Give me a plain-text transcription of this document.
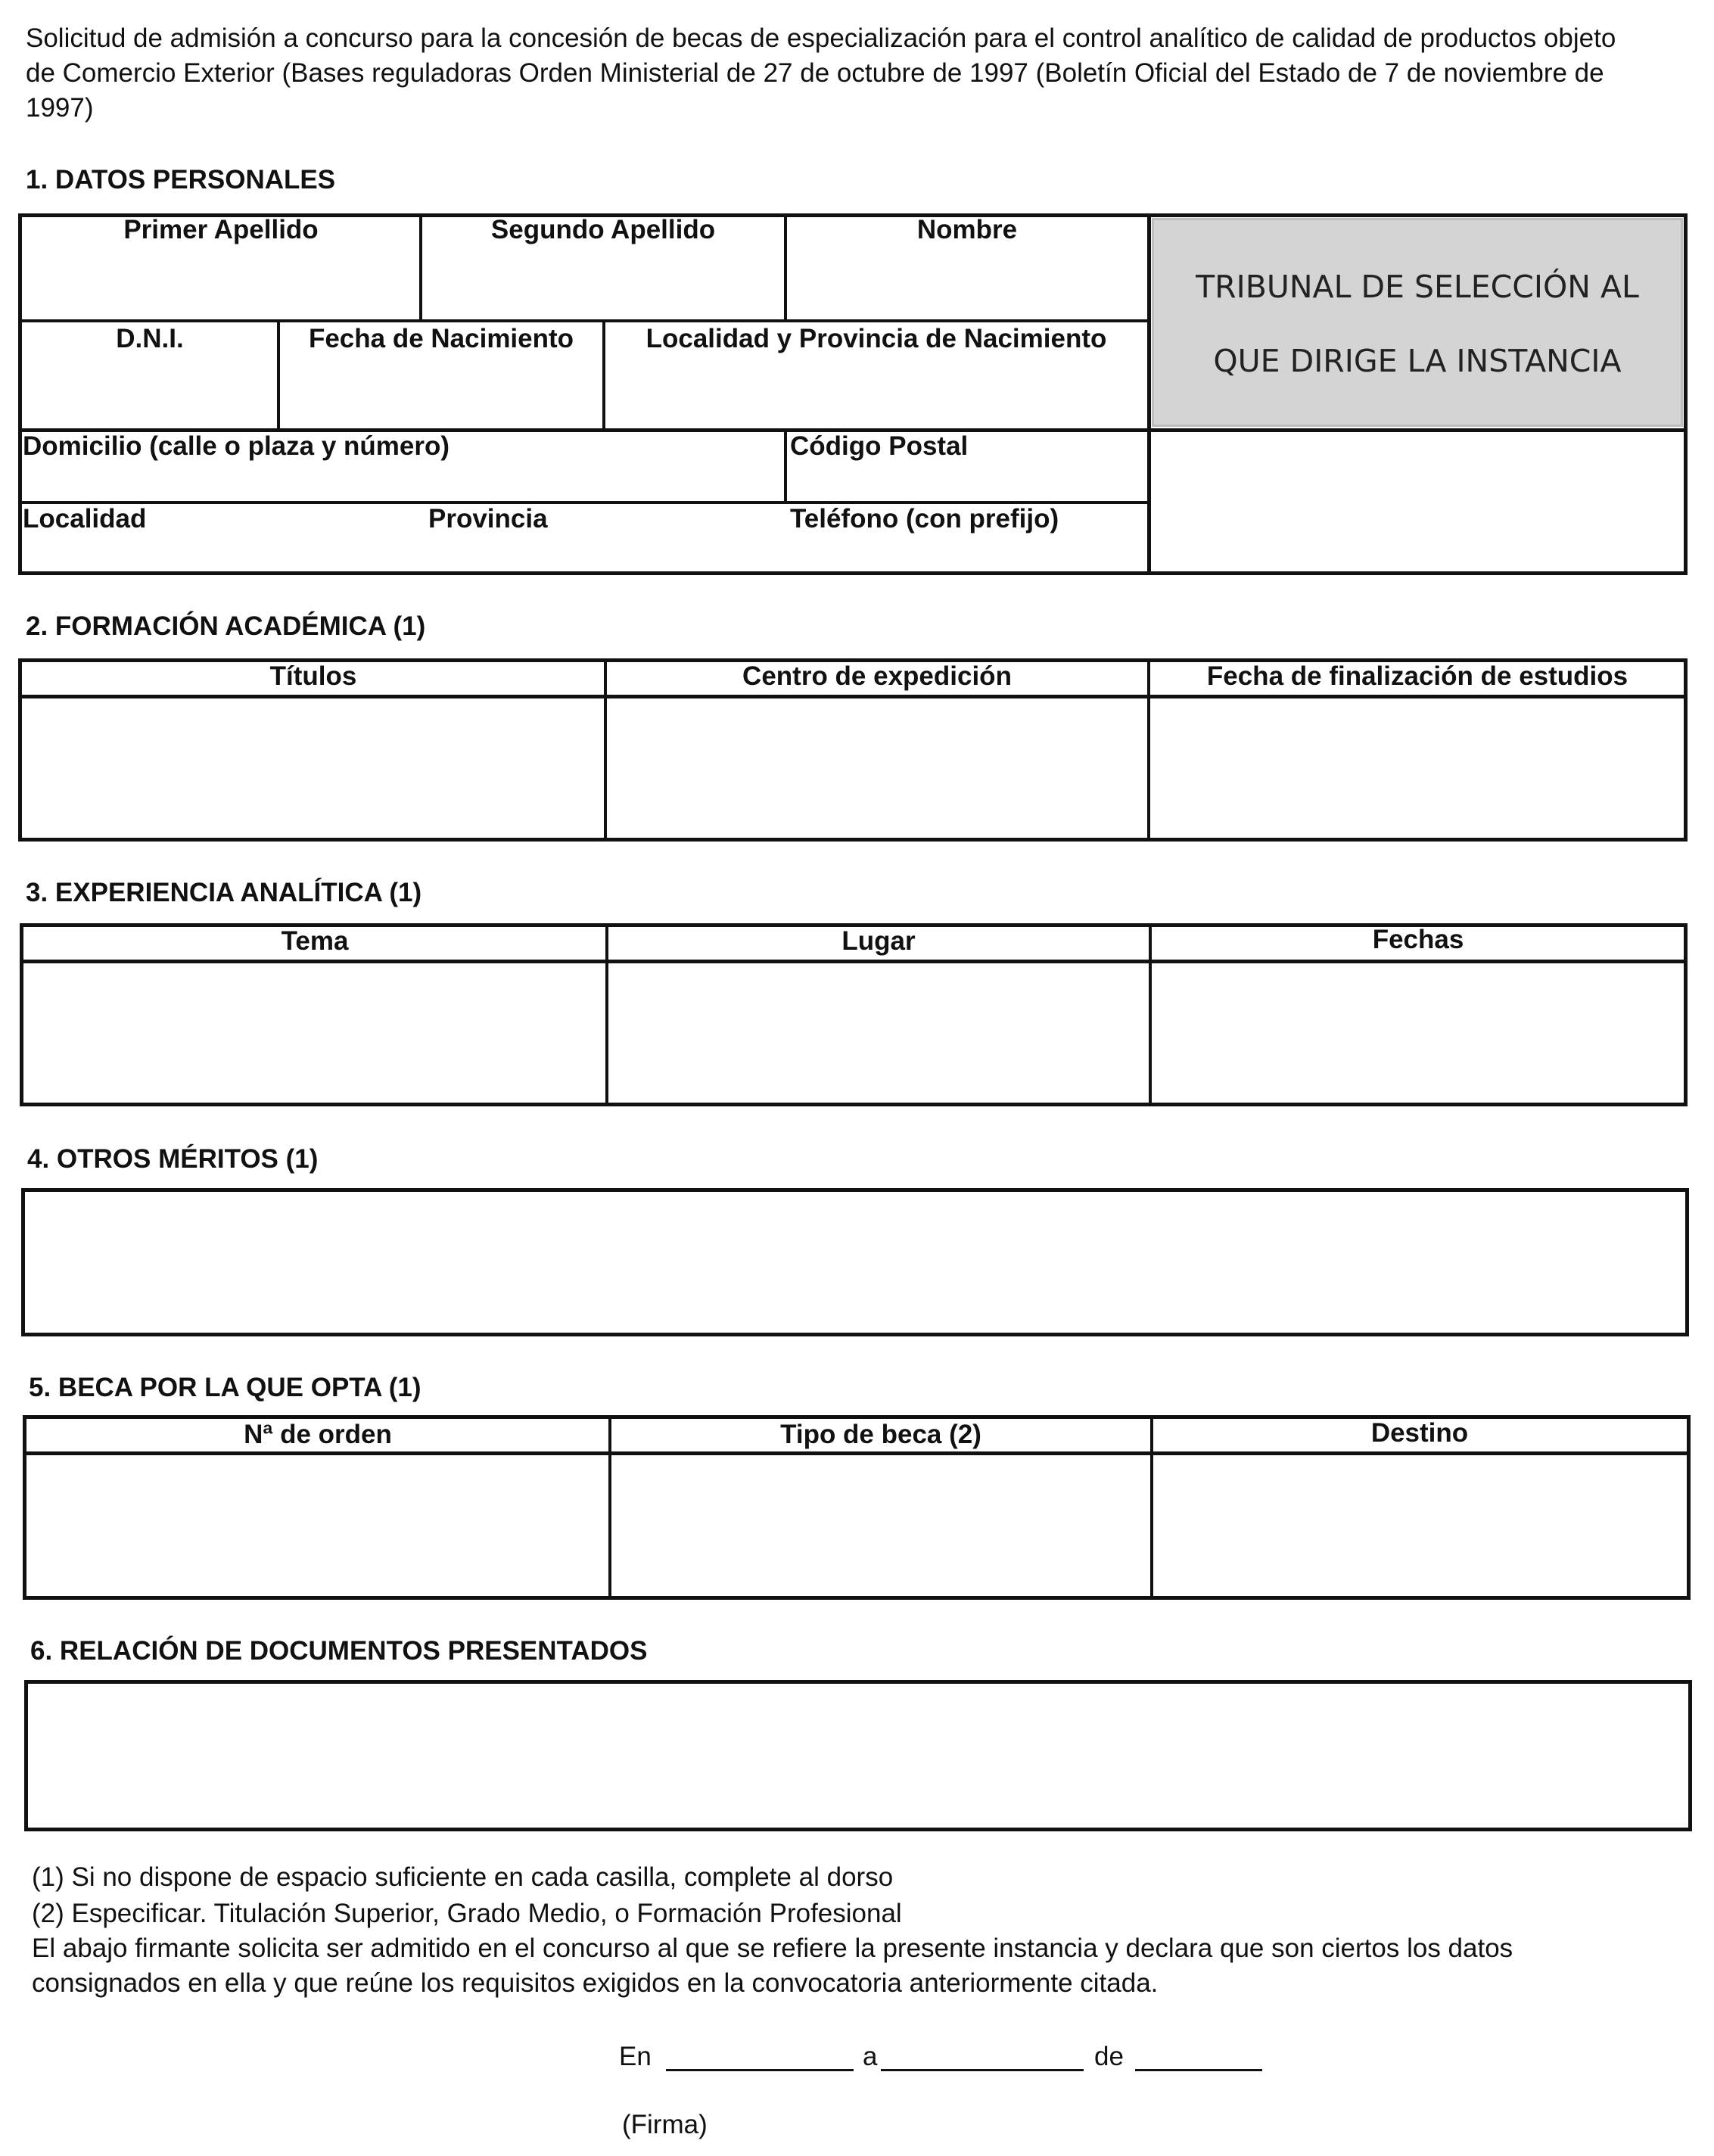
Solicitud de admisión a concurso para la concesión de becas de especialización para el control analítico de calidad de productos objeto de Comercio Exterior (Bases reguladoras Orden Ministerial de 27 de octubre de 1997 (Boletín Oficial del Estado de 7 de noviembre de 1997)
1. DATOS PERSONALES
TRIBUNAL DE SELECCIÓN AL
QUE DIRIGE LA INSTANCIA
Primer Apellido	Segundo Apellido	Nombre
D.N.I.	Fecha de Nacimiento	Localidad y Provincia de Nacimiento
Domicilio (calle o plaza y número)	Código Postal
Localidad	Provincia	Teléfono (con prefijo)
2. FORMACIÓN ACADÉMICA (1)
Títulos	Centro de expedición	Fecha de finalización de estudios
3. EXPERIENCIA ANALÍTICA (1)
Tema	Lugar	Fechas
4. OTROS MÉRITOS (1)
5. BECA POR LA QUE OPTA (1)
Nª de orden	Tipo de beca (2)	Destino
6. RELACIÓN DE DOCUMENTOS PRESENTADOS
(1) Si no dispone de espacio suficiente en cada casilla, complete al dorso
(2) Especificar. Titulación Superior, Grado Medio, o Formación Profesional
El abajo firmante solicita ser admitido en el concurso al que se refiere la presente instancia y declara que son ciertos los datos consignados en ella y que reúne los requisitos exigidos en la convocatoria anteriormente citada.
En	a	de
(Firma)
